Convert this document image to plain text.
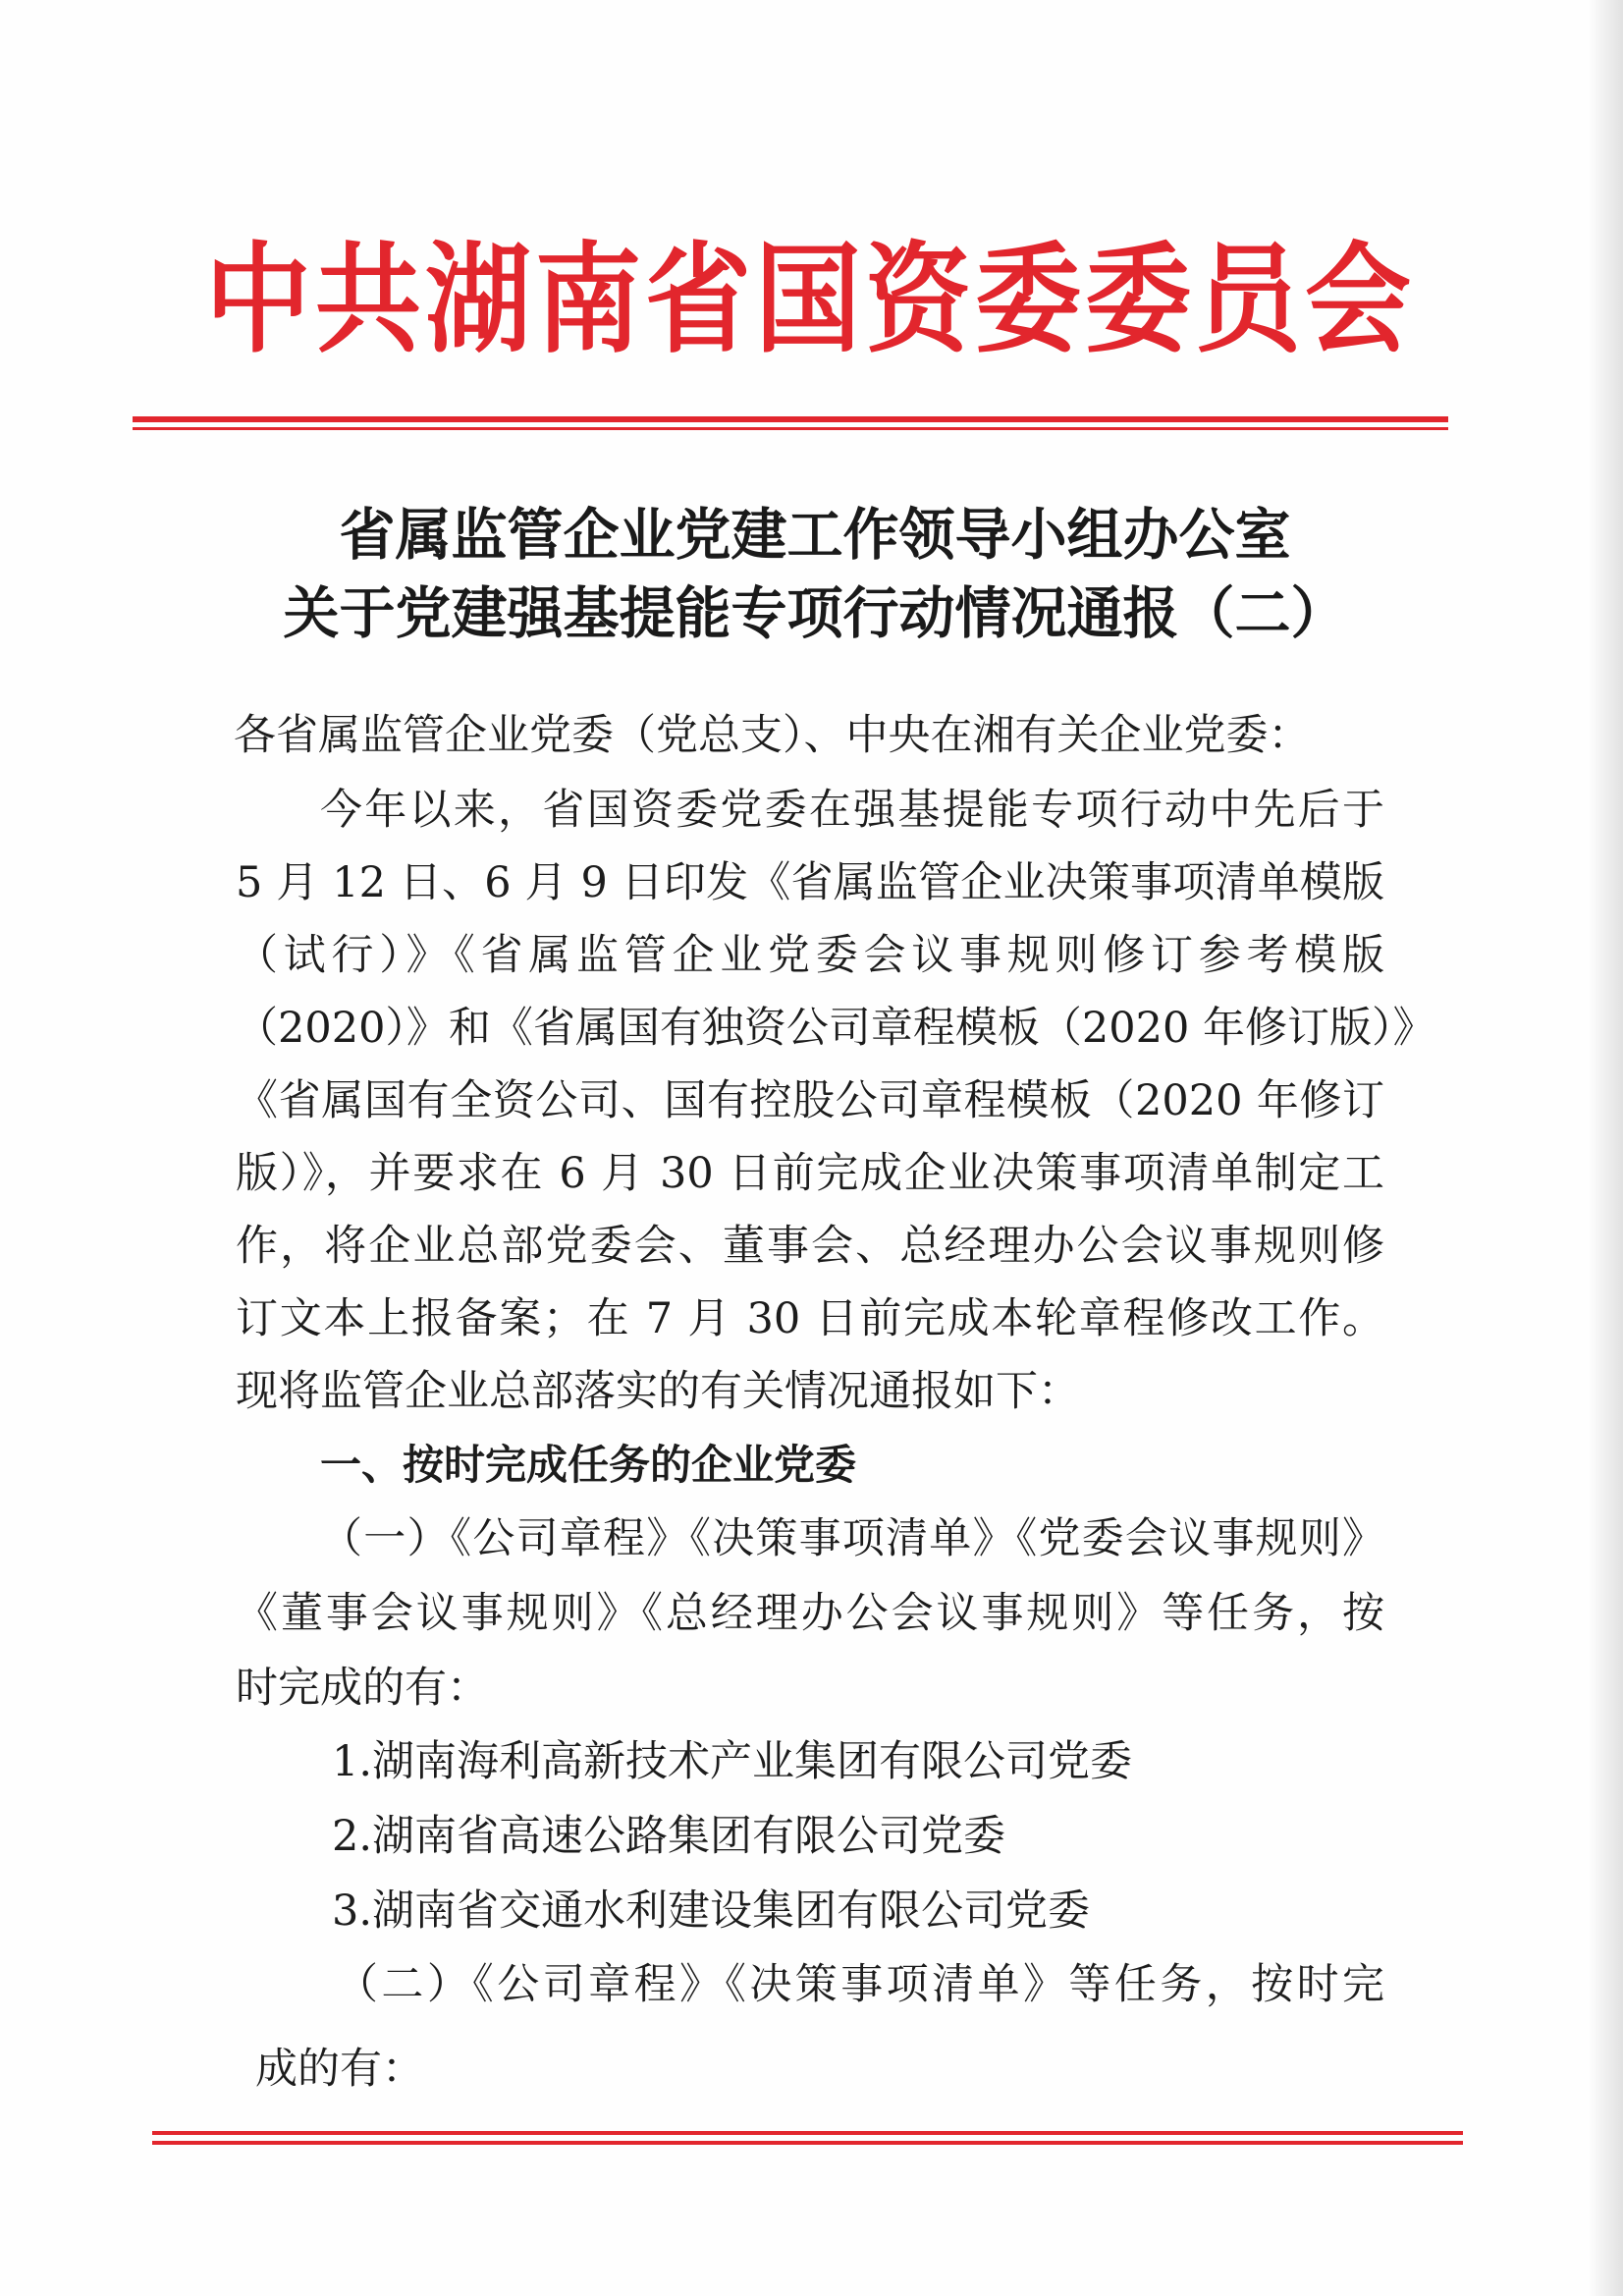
中共湖南省国资委委员会
省属监管企业党建工作领导小组办公室
关于党建强基提能专项行动情况通报（二）
各省属监管企业党委（党总支）、中央在湘有关企业党委：
今年以来，省国资委党委在强基提能专项行动中先后于
5 月 12 日、6 月 9 日印发《省属监管企业决策事项清单模版
（试行）》《省属监管企业党委会议事规则修订参考模版
（2020）》和《省属国有独资公司章程模板（2020 年修订版）》
《省属国有全资公司、国有控股公司章程模板（2020 年修订
版）》，并要求在 6 月 30 日前完成企业决策事项清单制定工
作，将企业总部党委会、董事会、总经理办公会议事规则修
订文本上报备案；在 7 月 30 日前完成本轮章程修改工作。
现将监管企业总部落实的有关情况通报如下：
一、按时完成任务的企业党委
（一）《公司章程》《决策事项清单》《党委会议事规则》
《董事会议事规则》《总经理办公会议事规则》等任务，按
时完成的有：
1.湖南海利高新技术产业集团有限公司党委
2.湖南省高速公路集团有限公司党委
3.湖南省交通水利建设集团有限公司党委
（二）《公司章程》《决策事项清单》等任务，按时完
成的有：
